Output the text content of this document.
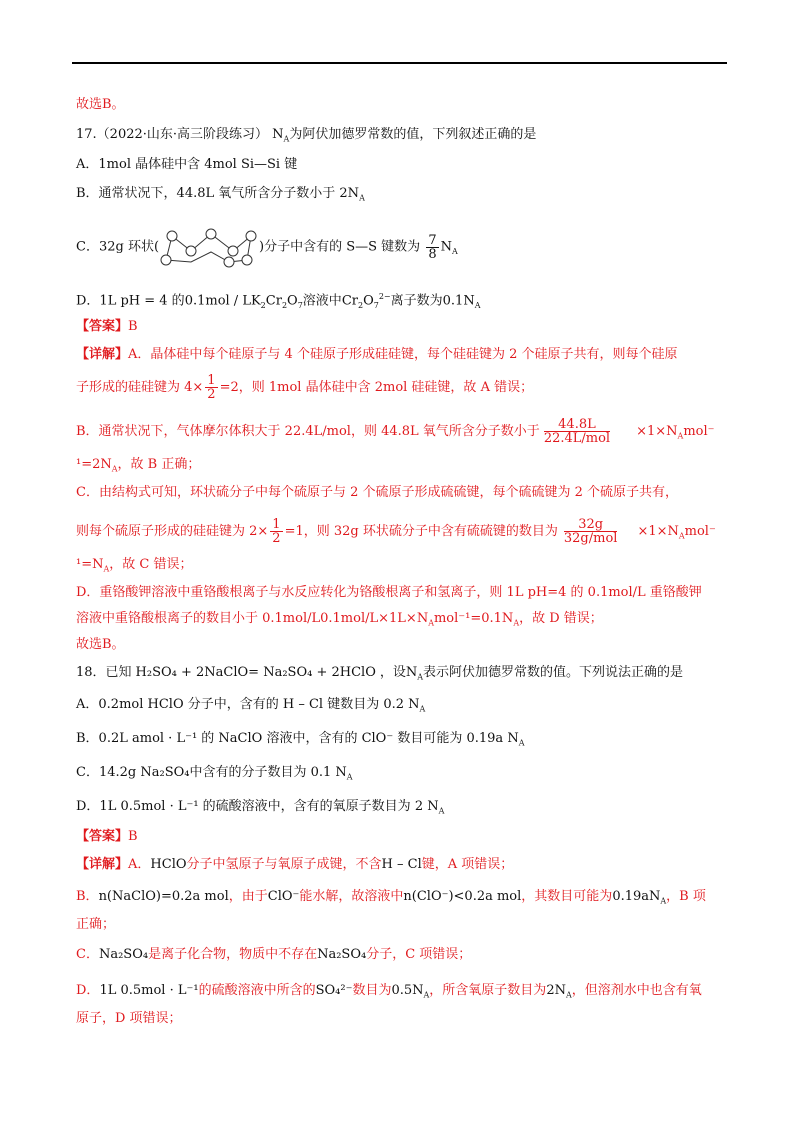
故选B。
17.（2022·山东·高三阶段练习） $N_A$为阿伏加德罗常数的值，下列叙述正确的是
A．1mol 晶体硅中含 4mol Si—Si 键
B．通常状况下，44.8L 氧气所含分子数小于 $2N_A$
C．32g 环状(	)分子中含有的 S—S 键数为 $\frac{7}{8} N_A$
D．1L pH = 4 的$0.1mol / LK_2Cr_2O_7$溶液中$Cr_2O_7^{2-}$离子数为$0.1N_A$
【答案】B
【详解】A．晶体硅中每个硅原子与 4 个硅原子形成硅硅键，每个硅硅键为 2 个硅原子共有，则每个硅原
子形成的硅硅键为 $4\times \frac{1}{2} =2$，则 1mol 晶体硅中含 2mol 硅硅键，故 A 错误；
B．通常状况下，气体摩尔体积大于 22.4L/mol，则 44.8L 氧气所含分子数小于 $\frac{44.8L}{\text{22.4L/mol}} \times 1\times N_Amol^-$
$^1=2N_A$，故 B 正确；
C．由结构式可知，环状硫分子中每个硫原子与 2 个硫原子形成硫硫键，每个硫硫键为 2 个硫原子共有，
则每个硫原子形成的硅硅键为 $2\times \frac{1}{2} =1$，则 32g 环状硫分子中含有硫硫键的数目为 $\frac{32g}{\text{32g/mol}} \times 1\times N_Amol^-$
$^1=N_A$，故 C 错误；
D．重铬酸钾溶液中重铬酸根离子与水反应转化为铬酸根离子和氢离子，则 1L pH=4 的 0.1mol/L 重铬酸钾
溶液中重铬酸根离子的数目小于 $0.1mol/L0.1mol/L\times 1L\times N_Amol^{-1}=0.1N_A$，故 D 错误；
故选B。
18．已知 H₂SO₄ + 2NaClO= Na₂SO₄ + 2HClO ，设$N_A$表示阿伏加德罗常数的值。下列说法正确的是
A．0.2mol HClO 分子中，含有的 H – Cl 键数目为 0.2 $N_A$
B．0.2L amol · L⁻¹ 的 NaClO 溶液中，含有的 ClO⁻ 数目可能为 0.19a $N_A$
C．14.2g Na₂SO₄中含有的分子数目为 0.1 $N_A$
D．1L 0.5mol · L⁻¹ 的硫酸溶液中，含有的氧原子数目为 2 $N_A$
【答案】B
【详解】A．HClO分子中氢原子与氧原子成键，不含H – Cl键，A 项错误；
B．n(NaClO)=0.2a mol，由于ClO⁻能水解，故溶液中n(ClO⁻)<0.2a mol，其数目可能为$0.19aN_A$，B 项
正确；
C．Na₂SO₄是离子化合物，物质中不存在Na₂SO₄分子，C 项错误；
D．1L 0.5mol · L⁻¹的硫酸溶液中所含的SO₄²⁻数目为$0.5N_A$，所含氧原子数目为$2N_A$，但溶剂水中也含有氧
原子，D 项错误；
